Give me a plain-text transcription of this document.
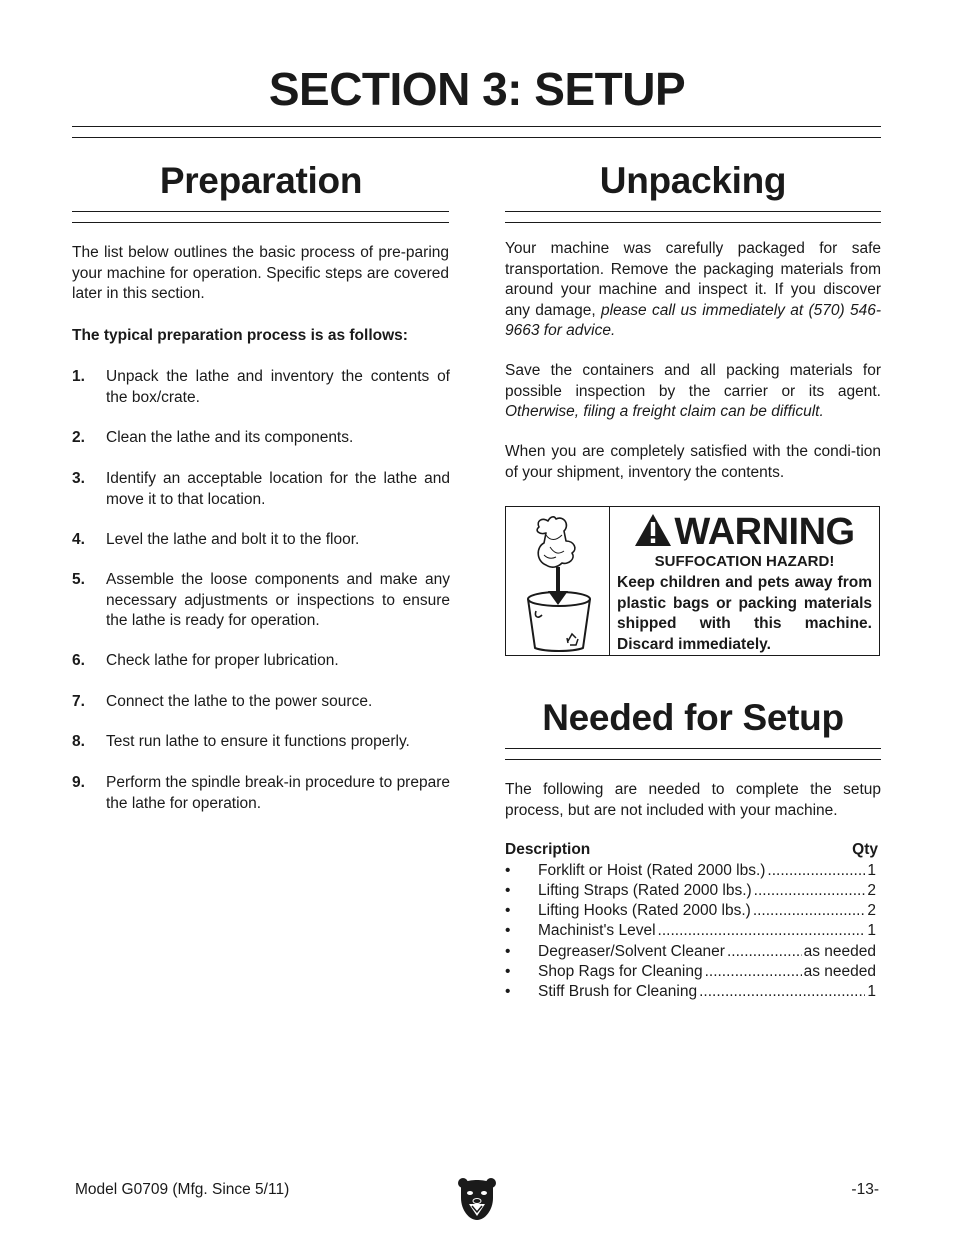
SECTION 3: SETUP
Preparation

The list below outlines the basic process of pre-paring your machine for operation. Specific steps are covered later in this section.

The typical preparation process is as follows:

1. Unpack the lathe and inventory the contents of the box/crate.
2. Clean the lathe and its components.
3. Identify an acceptable location for the lathe and move it to that location.
4. Level the lathe and bolt it to the floor.
5. Assemble the loose components and make any necessary adjustments or inspections to ensure the lathe is ready for operation.
6. Check lathe for proper lubrication.
7. Connect the lathe to the power source.
8. Test run lathe to ensure it functions properly.
9. Perform the spindle break-in procedure to prepare the lathe for operation.
Unpacking

Your machine was carefully packaged for safe transportation. Remove the packaging materials from around your machine and inspect it. If you discover any damage, please call us immediately at (570) 546-9663 for advice.

Save the containers and all packing materials for possible inspection by the carrier or its agent. Otherwise, filing a freight claim can be difficult.

When you are completely satisfied with the condi-tion of your shipment, inventory the contents.

WARNING
SUFFOCATION HAZARD!
Keep children and pets away from plastic bags or packing materials shipped with this machine. Discard immediately.
Needed for Setup

The following are needed to complete the setup process, but are not included with your machine.

Description	Qty
• Forklift or Hoist (Rated 2000 lbs.) .....	1
• Lifting Straps (Rated 2000 lbs.) .....	2
• Lifting Hooks (Rated 2000 lbs.) .....	2
• Machinist's Level .....	1
• Degreaser/Solvent Cleaner .....	as needed
• Shop Rags for Cleaning .....	as needed
• Stiff Brush for Cleaning .....	1
Model G0709 (Mfg. Since 5/11)	-13-
